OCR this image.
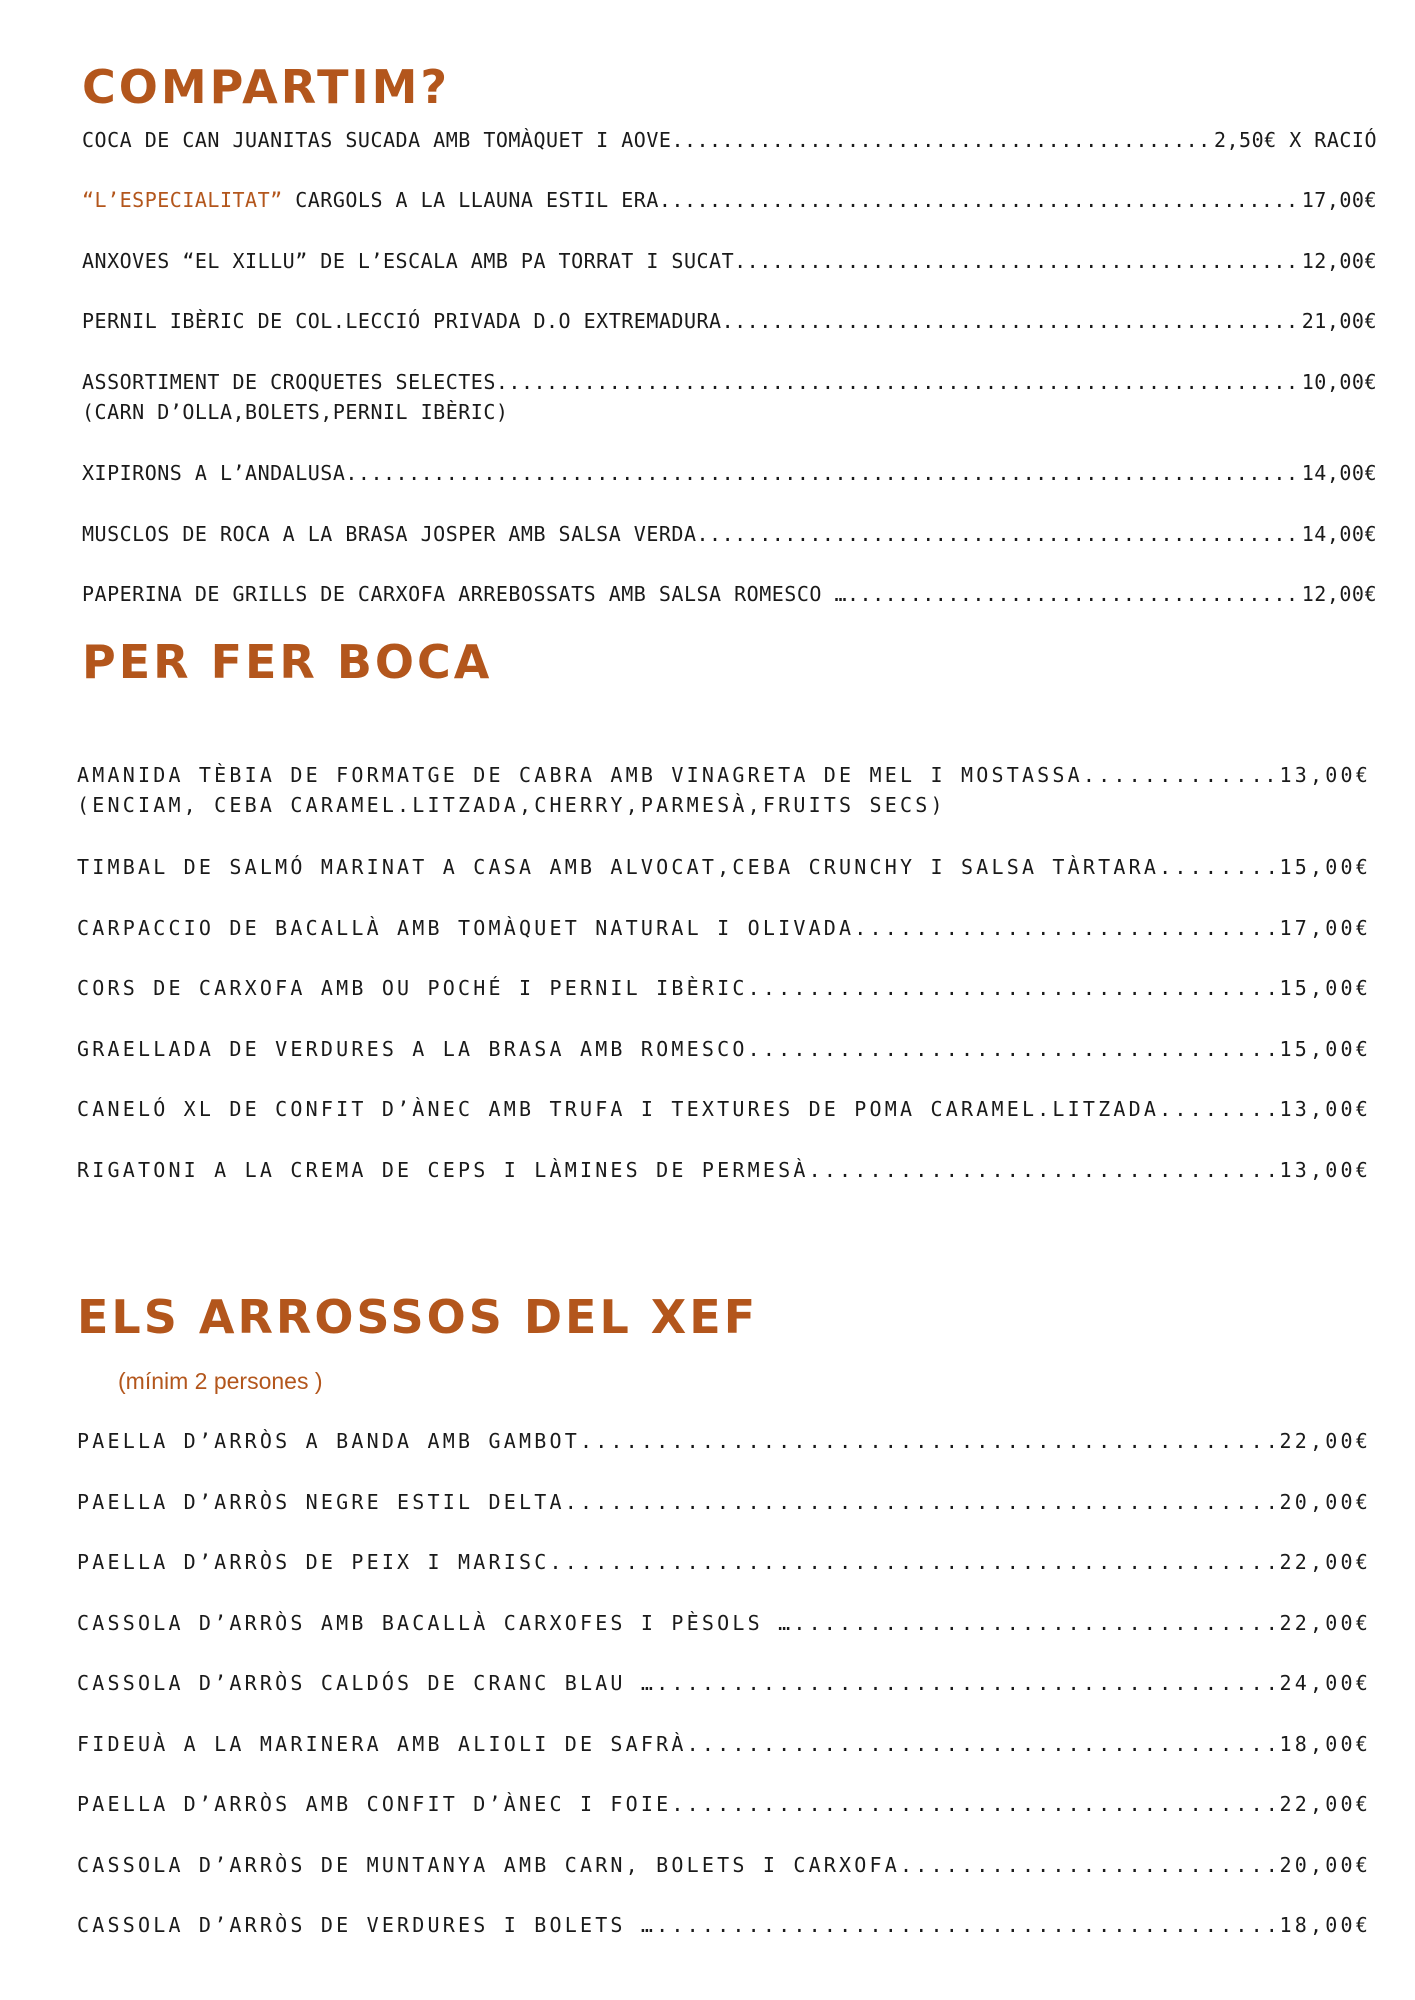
COMPARTIM?
COCA DE CAN JUANITAS SUCADA AMB TOMÀQUET I AOVE .....	2,50€ X RACIÓ
“L’ESPECIALITAT” CARGOLS A LA LLAUNA ESTIL ERA .....	17,00€
ANXOVES “EL XILLU” DE L’ESCALA AMB PA TORRAT I SUCAT .....	12,00€
PERNIL IBÈRIC DE COL.LECCIÓ PRIVADA D.O EXTREMADURA .....	21,00€
ASSORTIMENT DE CROQUETES SELECTES .....	10,00€
(CARN D’OLLA,BOLETS,PERNIL IBÈRIC)
XIPIRONS A L’ANDALUSA .....	14,00€
MUSCLOS DE ROCA A LA BRASA JOSPER AMB SALSA VERDA .....	14,00€
PAPERINA DE GRILLS DE CARXOFA ARREBOSSATS AMB SALSA ROMESCO … .....	12,00€
PER FER BOCA
AMANIDA TÈBIA DE FORMATGE DE CABRA AMB VINAGRETA DE MEL I MOSTASSA .....	.13,00€
(ENCIAM, CEBA CARAMEL.LITZADA,CHERRY,PARMESÀ,FRUITS SECS)
TIMBAL DE SALMÓ MARINAT A CASA AMB ALVOCAT,CEBA CRUNCHY I SALSA TÀRTARA .....	15,00€
CARPACCIO DE BACALLÀ AMB TOMÀQUET NATURAL I OLIVADA .....	17,00€
CORS DE CARXOFA AMB OU POCHÉ I PERNIL IBÈRIC .....	15,00€
GRAELLADA DE VERDURES A LA BRASA AMB ROMESCO .....	15,00€
CANELÓ XL DE CONFIT D’ÀNEC AMB TRUFA I TEXTURES DE POMA CARAMEL.LITZADA .....	13,00€
RIGATONI A LA CREMA DE CEPS I LÀMINES DE PERMESÀ .....	13,00€
ELS ARROSSOS DEL XEF
(mínim 2 persones )
PAELLA D’ARRÒS A BANDA AMB GAMBOT..... .....	22,00€
PAELLA D’ARRÒS NEGRE ESTIL DELTA .....	20,00€
PAELLA D’ARRÒS DE PEIX I MARISC .....	22,00€
CASSOLA D’ARRÒS AMB BACALLÀ CARXOFES I PÈSOLS … .....	22,00€
CASSOLA D’ARRÒS CALDÓS DE CRANC BLAU … .....	24,00€
FIDEUÀ A LA MARINERA AMB ALIOLI DE SAFRÀ .....	18,00€
PAELLA D’ARRÒS AMB CONFIT D’ÀNEC I FOIE .....	22,00€
CASSOLA D’ARRÒS DE MUNTANYA AMB CARN, BOLETS I CARXOFA .....	20,00€
CASSOLA D’ARRÒS DE VERDURES I BOLETS … .....	18,00€
